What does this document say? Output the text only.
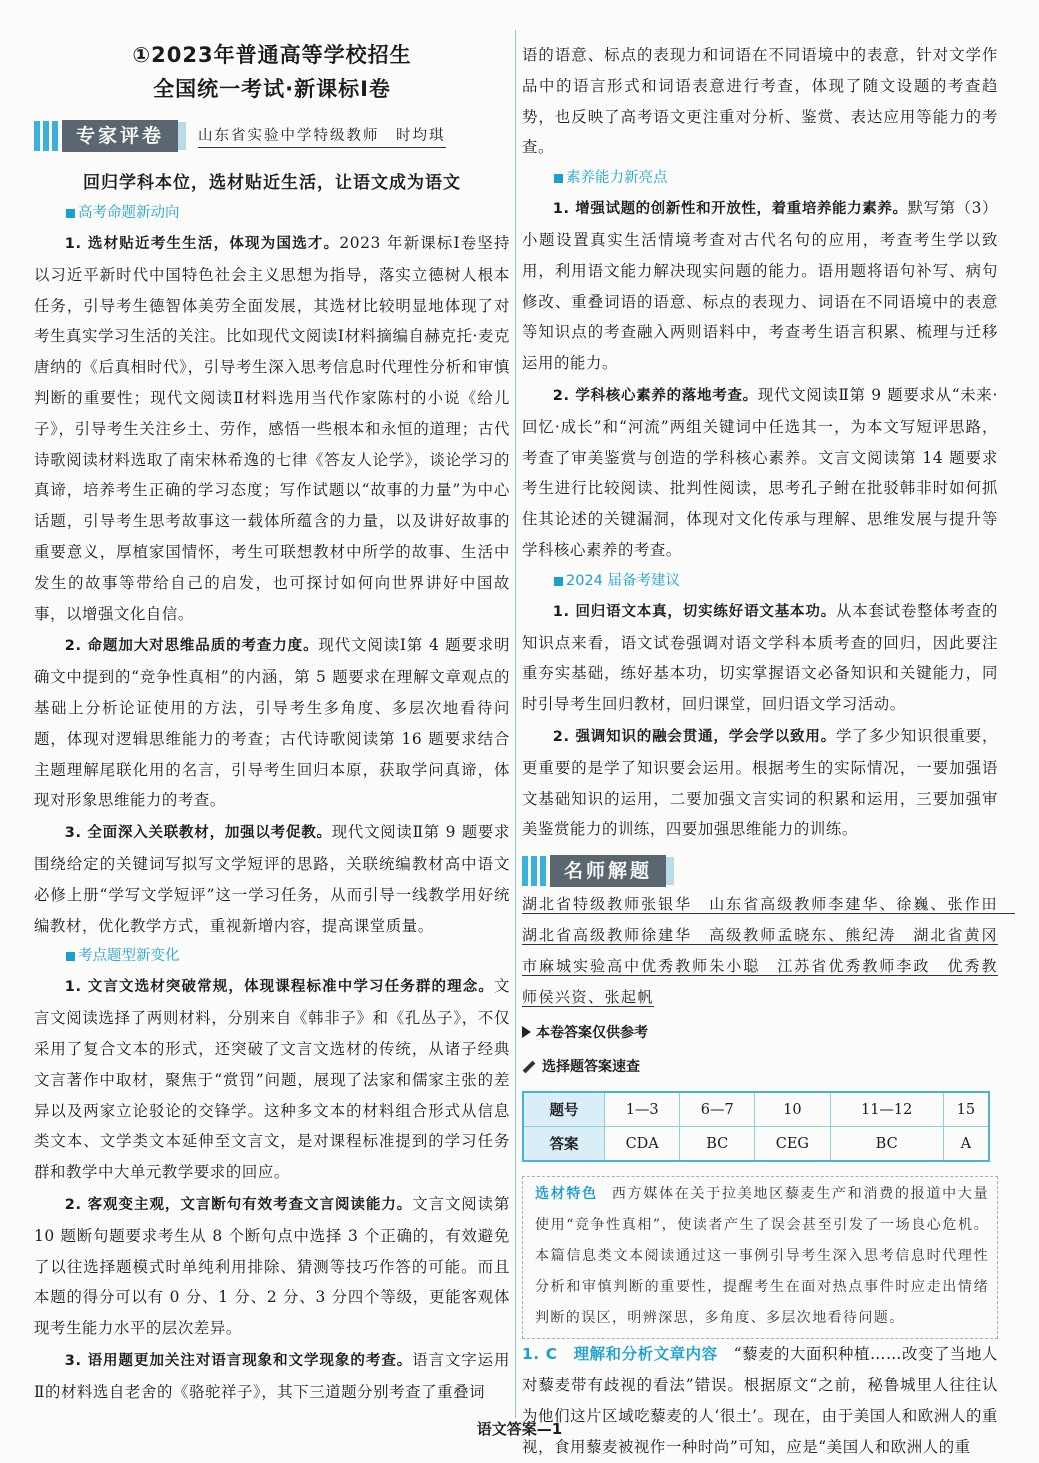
①2023年普通高等学校招生
全国统一考试·新课标Ⅰ卷
专家评卷	山东省实验中学特级教师　时均琪
回归学科本位，选材贴近生活，让语文成为语文
高考命题新动向

1. 选材贴近考生生活，体现为国选才。2023 年新课标Ⅰ卷坚持以习近平新时代中国特色社会主义思想为指导，落实立德树人根本任务，引导考生德智体美劳全面发展，其选材比较明显地体现了对考生真实学习生活的关注。比如现代文阅读Ⅰ材料摘编自赫克托·麦克唐纳的《后真相时代》，引导考生深入思考信息时代理性分析和审慎判断的重要性；现代文阅读Ⅱ材料选用当代作家陈村的小说《给儿子》，引导考生关注乡土、劳作，感悟一些根本和永恒的道理；古代诗歌阅读材料选取了南宋林希逸的七律《答友人论学》，谈论学习的真谛，培养考生正确的学习态度；写作试题以“故事的力量”为中心话题，引导考生思考故事这一载体所蕴含的力量，以及讲好故事的重要意义，厚植家国情怀，考生可联想教材中所学的故事、生活中发生的故事等带给自己的启发，也可探讨如何向世界讲好中国故事，以增强文化自信。

2. 命题加大对思维品质的考查力度。现代文阅读Ⅰ第 4 题要求明确文中提到的“竞争性真相”的内涵，第 5 题要求在理解文章观点的基础上分析论证使用的方法，引导考生多角度、多层次地看待问题，体现对逻辑思维能力的考查；古代诗歌阅读第 16 题要求结合主题理解尾联化用的名言，引导考生回归本原，获取学问真谛，体现对形象思维能力的考查。

3. 全面深入关联教材，加强以考促教。现代文阅读Ⅱ第 9 题要求围绕给定的关键词写拟写文学短评的思路，关联统编教材高中语文必修上册“学写文学短评”这一学习任务，从而引导一线教学用好统编教材，优化教学方式，重视新增内容，提高课堂质量。

考点题型新变化

1. 文言文选材突破常规，体现课程标准中学习任务群的理念。文言文阅读选择了两则材料，分别来自《韩非子》和《孔丛子》，不仅采用了复合文本的形式，还突破了文言文选材的传统，从诸子经典文言著作中取材，聚焦于“赏罚”问题，展现了法家和儒家主张的差异以及两家立论驳论的交锋学。这种多文本的材料组合形式从信息类文本、文学类文本延伸至文言文，是对课程标准提到的学习任务群和教学中大单元教学要求的回应。

2. 客观变主观，文言断句有效考查文言阅读能力。文言文阅读第 10 题断句题要求考生从 8 个断句点中选择 3 个正确的，有效避免了以往选择题模式时单纯利用排除、猜测等技巧作答的可能。而且本题的得分可以有 0 分、1 分、2 分、3 分四个等级，更能客观体现考生能力水平的层次差异。

3. 语用题更加关注对语言现象和文学现象的考查。语言文字运用Ⅱ的材料选自老舍的《骆驼祥子》，其下三道题分别考查了重叠词

语的语意、标点的表现力和词语在不同语境中的表意，针对文学作品中的语言形式和词语表意进行考查，体现了随文设题的考查趋势，也反映了高考语文更注重对分析、鉴赏、表达应用等能力的考查。

素养能力新亮点

1. 增强试题的创新性和开放性，着重培养能力素养。默写第（3）小题设置真实生活情境考查对古代名句的应用，考查考生学以致用，利用语文能力解决现实问题的能力。语用题将语句补写、病句修改、重叠词语的语意、标点的表现力、词语在不同语境中的表意等知识点的考查融入两则语料中，考查考生语言积累、梳理与迁移运用的能力。

2. 学科核心素养的落地考查。现代文阅读Ⅱ第 9 题要求从“未来·回忆·成长”和“河流”两组关键词中任选其一，为本文写短评思路，考查了审美鉴赏与创造的学科核心素养。文言文阅读第 14 题要求考生进行比较阅读、批判性阅读，思考孔子鲋在批驳韩非时如何抓住其论述的关键漏洞，体现对文化传承与理解、思维发展与提升等学科核心素养的考查。

2024 届备考建议

1. 回归语文本真，切实练好语文基本功。从本套试卷整体考查的知识点来看，语文试卷强调对语文学科本质考查的回归，因此要注重夯实基础，练好基本功，切实掌握语文必备知识和关键能力，同时引导考生回归教材，回归课堂，回归语文学习活动。

2. 强调知识的融会贯通，学会学以致用。学了多少知识很重要，更重要的是学了知识要会运用。根据考生的实际情况，一要加强语文基础知识的运用，二要加强文言实词的积累和运用，三要加强审美鉴赏能力的训练，四要加强思维能力的训练。

名师解题
湖北省特级教师张银华　山东省高级教师李建华、徐巍、张作田　湖北省高级教师徐建华　高级教师孟晓东、熊纪涛　湖北省黄冈市麻城实验高中优秀教师朱小聪　江苏省优秀教师李政　优秀教师侯兴资、张起帆
本卷答案仅供参考
选择题答案速查
题号	1—3	6—7	10	11—12	15
答案	CDA	BC	CEG	BC	A
选材特色 西方媒体在关于拉美地区藜麦生产和消费的报道中大量使用“竞争性真相”，使读者产生了误会甚至引发了一场良心危机。本篇信息类文本阅读通过这一事例引导考生深入思考信息时代理性分析和审慎判断的重要性，提醒考生在面对热点事件时应走出情绪判断的误区，明辨深思，多角度、多层次地看待问题。

1. C　理解和分析文章内容　 “藜麦的大面积种植……改变了当地人对藜麦带有歧视的看法”错误。根据原文“之前，秘鲁城里人往往认为他们这片区域吃藜麦的人‘很土’。现在，由于美国人和欧洲人的重视，食用藜麦被视作一种时尚”可知，应是“美国人和欧洲人的重

语文答案—1
